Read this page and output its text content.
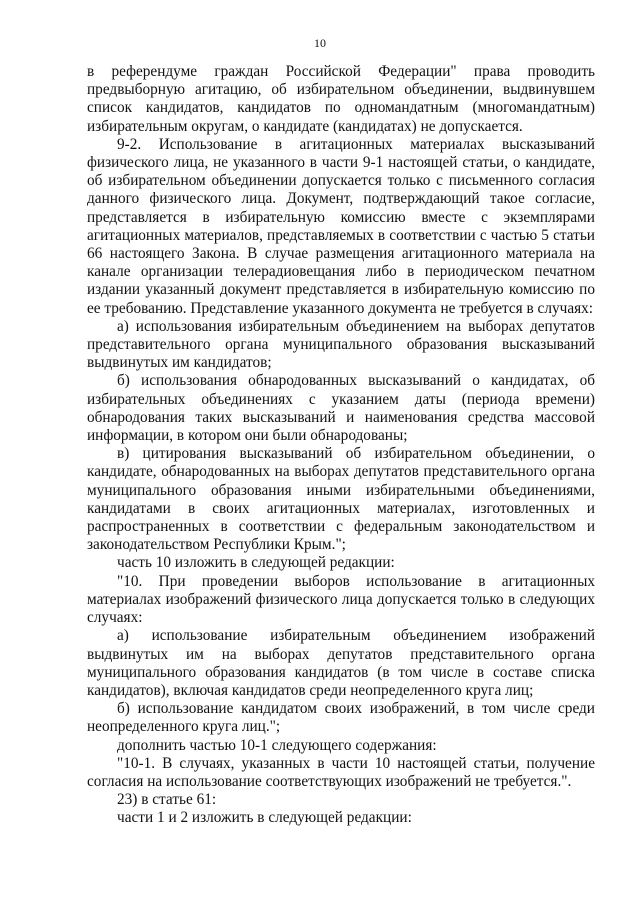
10

в референдуме граждан Российской Федерации" права проводить предвыборную агитацию, об избирательном объединении, выдвинувшем список кандидатов, кандидатов по одномандатным (многомандатным) избирательным округам, о кандидате (кандидатах) не допускается.

9-2. Использование в агитационных материалах высказываний физического лица, не указанного в части 9-1 настоящей статьи, о кандидате, об избирательном объединении допускается только с письменного согласия данного физического лица. Документ, подтверждающий такое согласие, представляется в избирательную комиссию вместе с экземплярами агитационных материалов, представляемых в соответствии с частью 5 статьи 66 настоящего Закона. В случае размещения агитационного материала на канале организации телерадиовещания либо в периодическом печатном издании указанный документ представляется в избирательную комиссию по ее требованию. Представление указанного документа не требуется в случаях:

а) использования избирательным объединением на выборах депутатов представительного органа муниципального образования высказываний выдвинутых им кандидатов;

б) использования обнародованных высказываний о кандидатах, об избирательных объединениях с указанием даты (периода времени) обнародования таких высказываний и наименования средства массовой информации, в котором они были обнародованы;

в) цитирования высказываний об избирательном объединении, о кандидате, обнародованных на выборах депутатов представительного органа муниципального образования иными избирательными объединениями, кандидатами в своих агитационных материалах, изготовленных и распространенных в соответствии с федеральным законодательством и законодательством Республики Крым.";

часть 10 изложить в следующей редакции:

"10. При проведении выборов использование в агитационных материалах изображений физического лица допускается только в следующих случаях:

а) использование избирательным объединением изображений выдвинутых им на выборах депутатов представительного органа муниципального образования кандидатов (в том числе в составе списка кандидатов), включая кандидатов среди неопределенного круга лиц;

б) использование кандидатом своих изображений, в том числе среди неопределенного круга лиц.";

дополнить частью 10-1 следующего содержания:

"10-1. В случаях, указанных в части 10 настоящей статьи, получение согласия на использование соответствующих изображений не требуется.".

23) в статье 61:

части 1 и 2 изложить в следующей редакции:
